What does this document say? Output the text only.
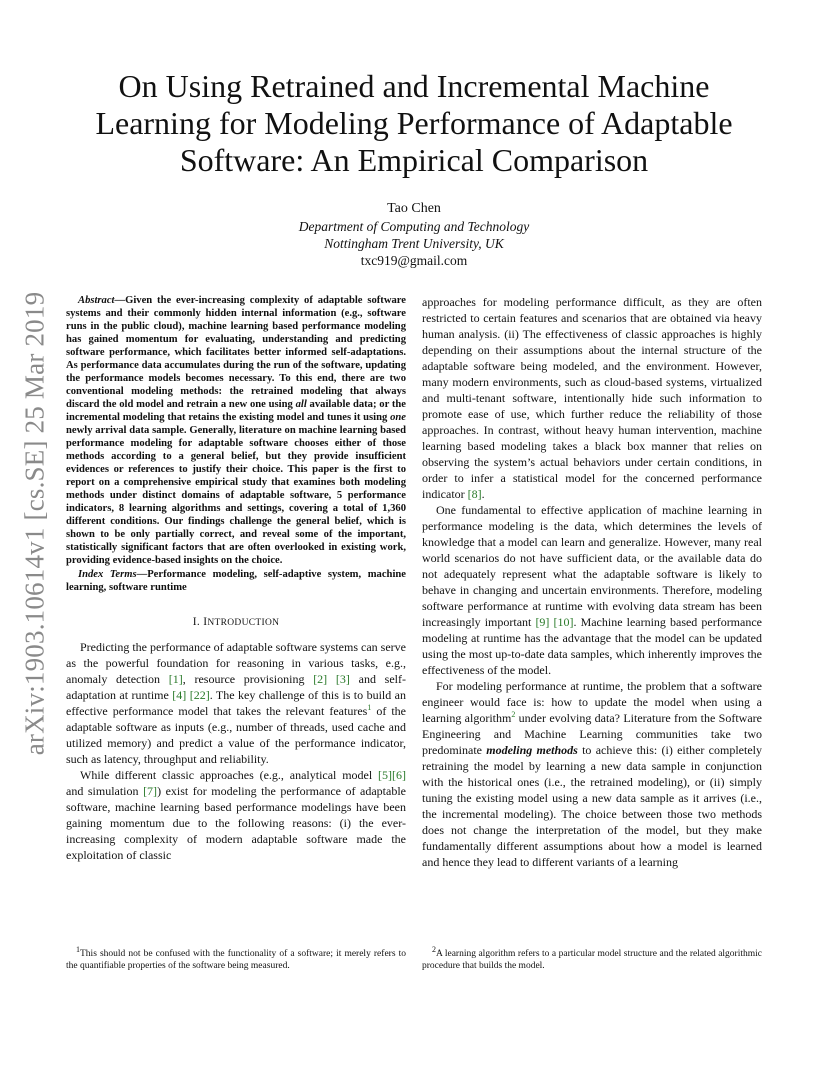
arXiv:1903.10614v1 [cs.SE] 25 Mar 2019
On Using Retrained and Incremental Machine Learning for Modeling Performance of Adaptable Software: An Empirical Comparison
Tao Chen
Department of Computing and Technology
Nottingham Trent University, UK
txc919@gmail.com

Abstract—Given the ever-increasing complexity of adaptable software systems and their commonly hidden internal information (e.g., software runs in the public cloud), machine learning based performance modeling has gained momentum for evaluating, understanding and predicting software performance, which facilitates better informed self-adaptations. As performance data accumulates during the run of the software, updating the performance models becomes necessary. To this end, there are two conventional modeling methods: the retrained modeling that always discard the old model and retrain a new one using all available data; or the incremental modeling that retains the existing model and tunes it using one newly arrival data sample. Generally, literature on machine learning based performance modeling for adaptable software chooses either of those methods according to a general belief, but they provide insufficient evidences or references to justify their choice. This paper is the first to report on a comprehensive empirical study that examines both modeling methods under distinct domains of adaptable software, 5 performance indicators, 8 learning algorithms and settings, covering a total of 1,360 different conditions. Our findings challenge the general belief, which is shown to be only partially correct, and reveal some of the important, statistically significant factors that are often overlooked in existing work, providing evidence-based insights on the choice.

Index Terms—Performance modeling, self-adaptive system, machine learning, software runtime

I. INTRODUCTION

Predicting the performance of adaptable software systems can serve as the powerful foundation for reasoning in various tasks, e.g., anomaly detection [1], resource provisioning [2] [3] and self-adaptation at runtime [4] [22]. The key challenge of this is to build an effective performance model that takes the relevant features$^1$ of the adaptable software as inputs (e.g., number of threads, used cache and utilized memory) and predict a value of the performance indicator, such as latency, throughput and reliability.

While different classic approaches (e.g., analytical model [5][6] and simulation [7]) exist for modeling the performance of adaptable software, machine learning based performance modelings have been gaining momentum due to the following reasons: (i) the ever-increasing complexity of modern adaptable software made the exploitation of classic

approaches for modeling performance difficult, as they are often restricted to certain features and scenarios that are obtained via heavy human analysis. (ii) The effectiveness of classic approaches is highly depending on their assumptions about the internal structure of the adaptable software being modeled, and the environment. However, many modern environments, such as cloud-based systems, virtualized and multi-tenant software, intentionally hide such information to promote ease of use, which further reduce the reliability of those approaches. In contrast, without heavy human intervention, machine learning based modeling takes a black box manner that relies on observing the system’s actual behaviors under certain conditions, in order to infer a statistical model for the concerned performance indicator [8].

One fundamental to effective application of machine learning in performance modeling is the data, which determines the levels of knowledge that a model can learn and generalize. However, many real world scenarios do not have sufficient data, or the available data do not adequately represent what the adaptable software is likely to behave in changing and uncertain environments. Therefore, modeling software performance at runtime with evolving data stream has been increasingly important [9] [10]. Machine learning based performance modeling at runtime has the advantage that the model can be updated using the most up-to-date data samples, which inherently improves the effectiveness of the model.

For modeling performance at runtime, the problem that a software engineer would face is: how to update the model when using a learning algorithm$^2$ under evolving data? Literature from the Software Engineering and Machine Learning communities take two predominate modeling methods to achieve this: (i) either completely retraining the model by learning a new data sample in conjunction with the historical ones (i.e., the retrained modeling), or (ii) simply tuning the existing model using a new data sample as it arrives (i.e., the incremental modeling). The choice between those two methods does not change the interpretation of the model, but they make fundamentally different assumptions about how a model is learned and hence they lead to different variants of a learning

$^1$This should not be confused with the functionality of a software; it merely refers to the quantifiable properties of the software being measured.

$^2$A learning algorithm refers to a particular model structure and the related algorithmic procedure that builds the model.
